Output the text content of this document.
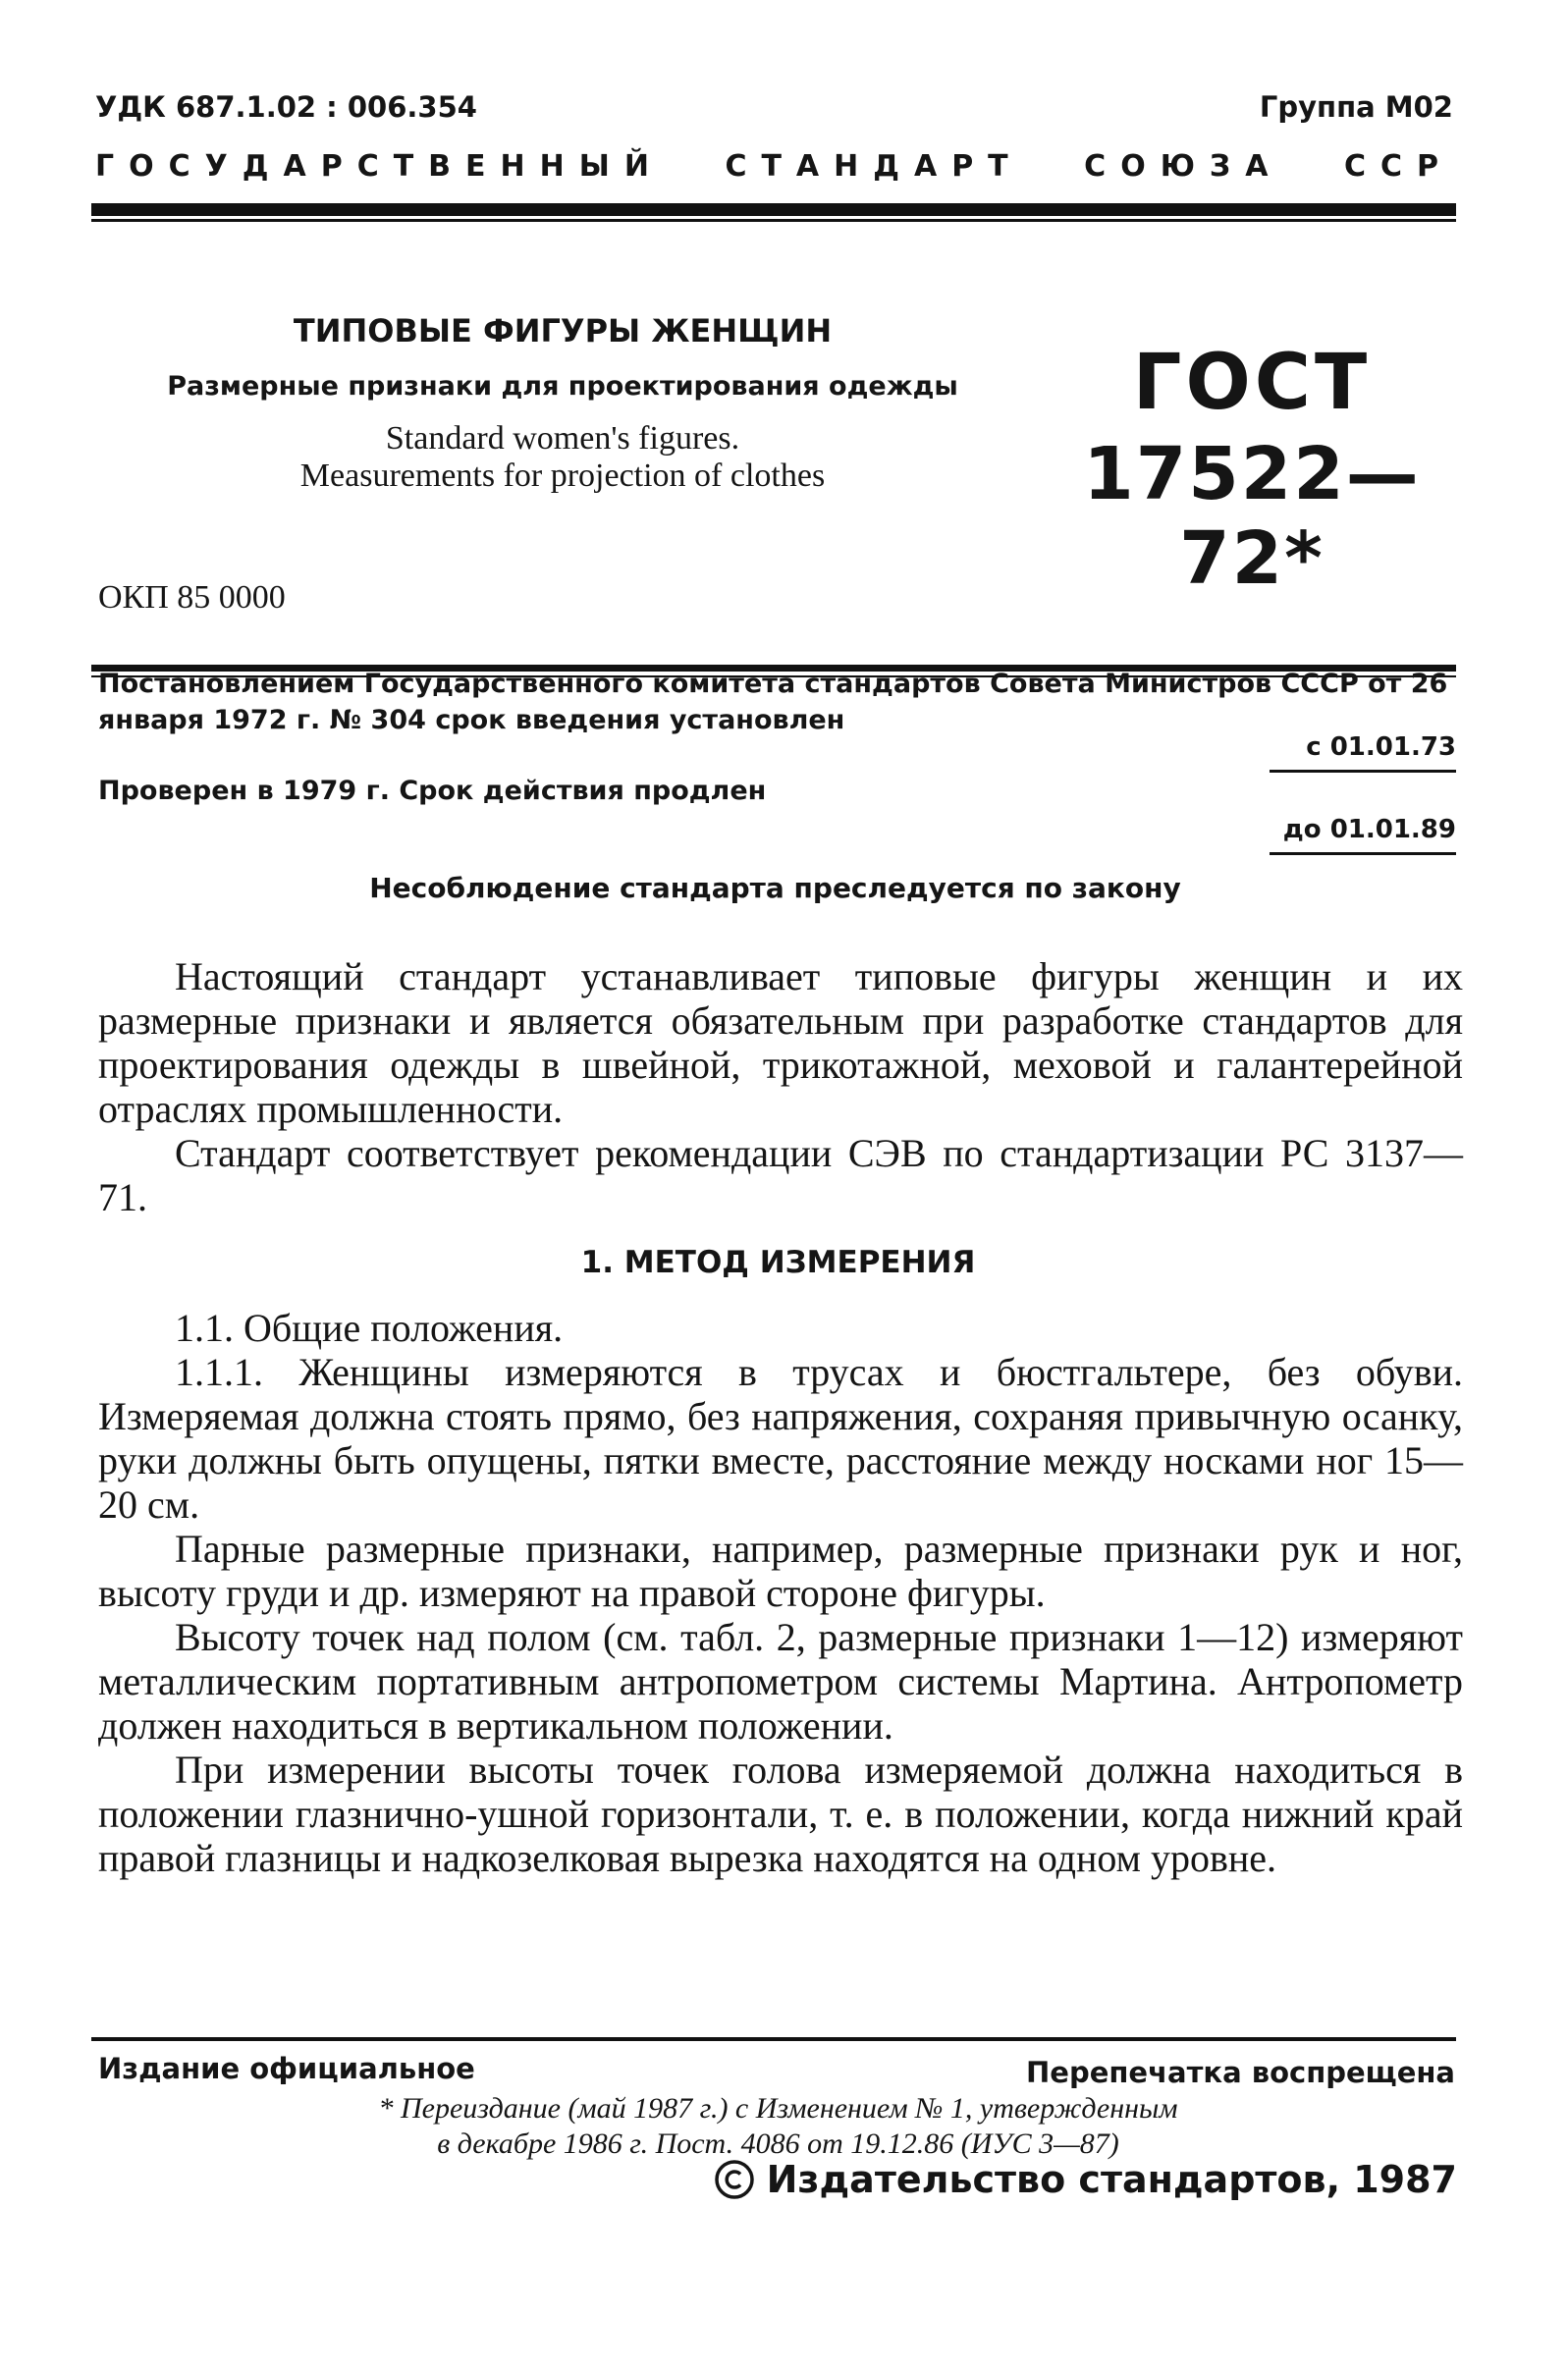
УДК 687.1.02 : 006.354	Группа М02
ГОСУДАРСТВЕННЫЙ СТАНДАРТ СОЮЗА ССР
ТИПОВЫЕ ФИГУРЫ ЖЕНЩИН
Размерные признаки для проектирования одежды
Standard women's figures.
Measurements for projection of clothes
ГОСТ
17522—72*
ОКП 85 0000
Постановлением Государственного комитета стандартов Совета Министров СССР от 26 января 1972 г. № 304 срок введения установлен
с 01.01.73
Проверен в 1979 г. Срок действия продлен
до 01.01.89
Несоблюдение стандарта преследуется по закону

Настоящий стандарт устанавливает типовые фигуры женщин и их размерные признаки и является обязательным при разработке стандартов для проектирования одежды в швейной, трикотажной, меховой и галантерейной отраслях промышленности.

Стандарт соответствует рекомендации СЭВ по стандартизации РС 3137—71.

1. МЕТОД ИЗМЕРЕНИЯ

1.1. Общие положения.

1.1.1. Женщины измеряются в трусах и бюстгальтере, без обуви. Измеряемая должна стоять прямо, без напряжения, сохраняя привычную осанку, руки должны быть опущены, пятки вместе, расстояние между носками ног 15—20 см.

Парные размерные признаки, например, размерные признаки рук и ног, высоту груди и др. измеряют на правой стороне фигуры.

Высоту точек над полом (см. табл. 2, размерные признаки 1—12) измеряют металлическим портативным антропометром системы Мартина. Антропометр должен находиться в вертикальном положении.

При измерении высоты точек голова измеряемой должна находиться в положении глазнично-ушной горизонтали, т. е. в положении, когда нижний край правой глазницы и надкозелковая вырезка находятся на одном уровне.

Издание официальное	Перепечатка воспрещена
* Переиздание (май 1987 г.) с Изменением № 1, утвержденным
в декабре 1986 г. Пост. 4086 от 19.12.86 (ИУС 3—87)
Издательство стандартов, 1987
